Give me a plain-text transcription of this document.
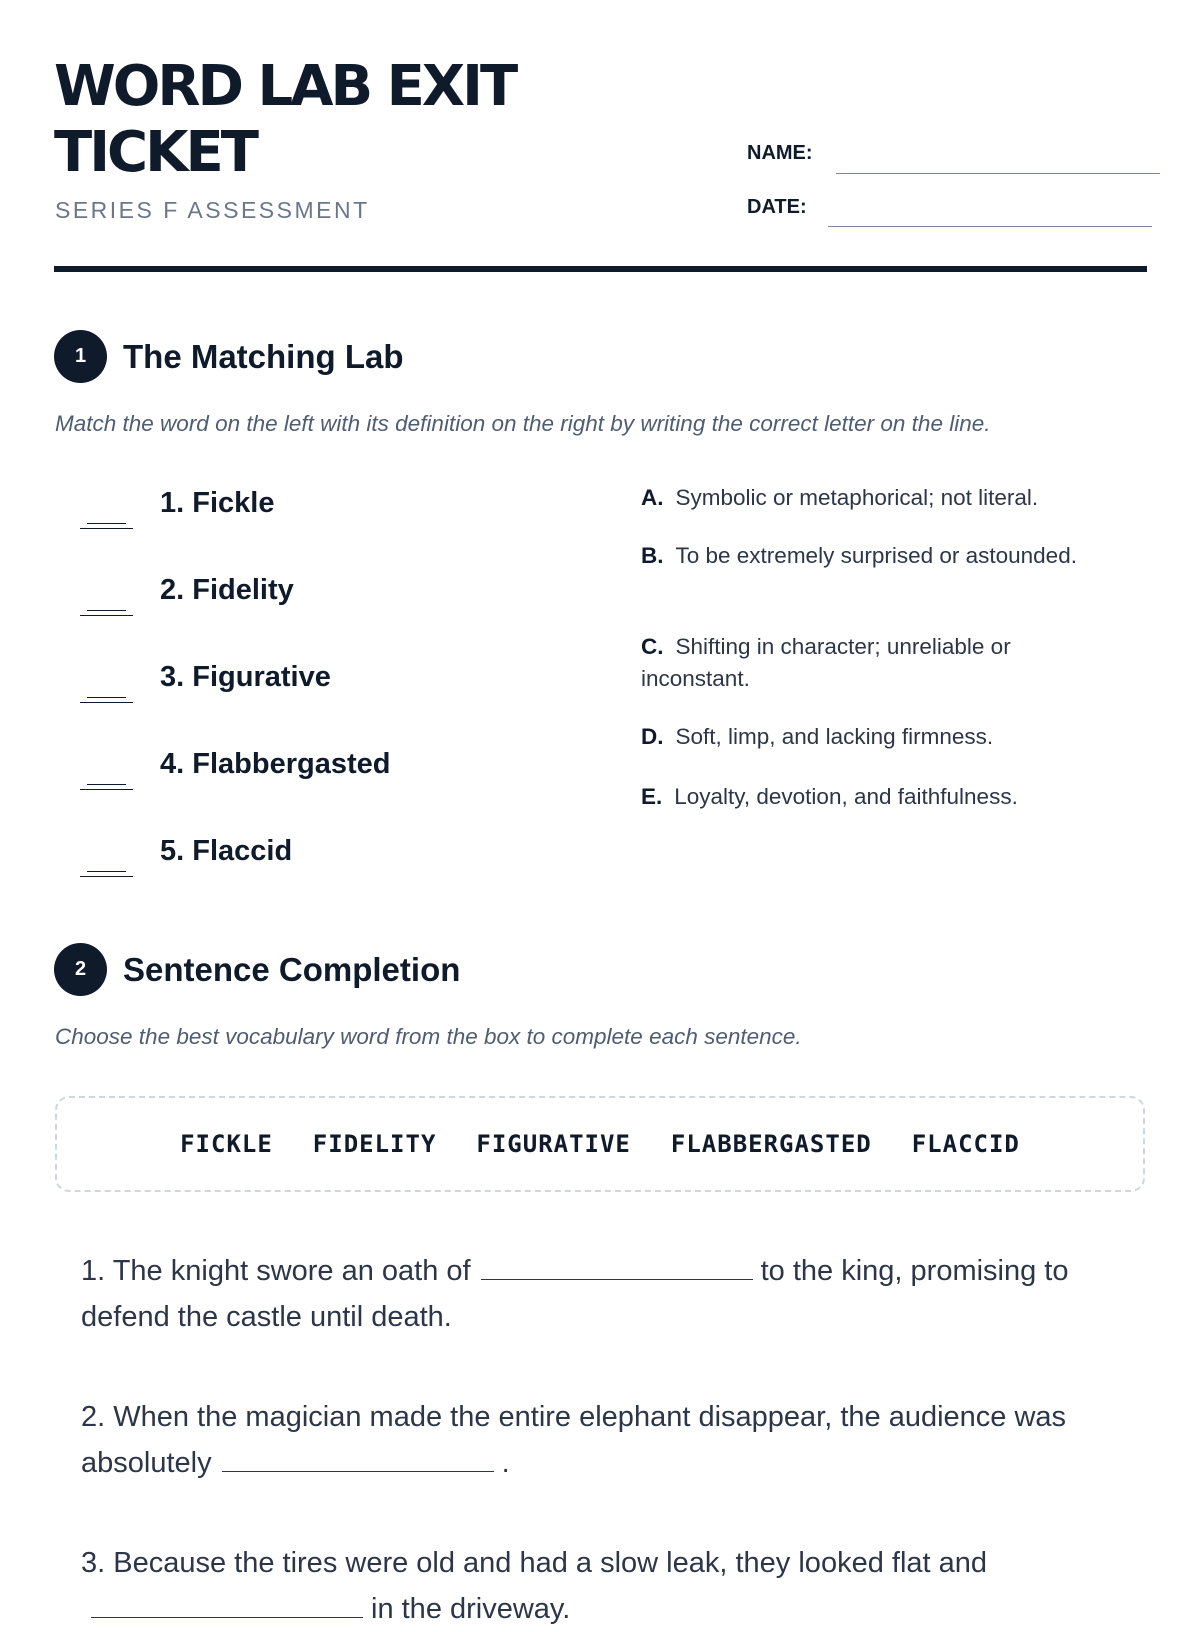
WORD LAB EXIT TICKET
SERIES F ASSESSMENT
NAME:
DATE:
1	The Matching Lab
Match the word on the left with its definition on the right by writing the correct letter on the line.
1. Fickle
2. Fidelity
3. Figurative
4. Flabbergasted
5. Flaccid
A. Symbolic or metaphorical; not literal.
B. To be extremely surprised or astounded.
C. Shifting in character; unreliable or inconstant.
D. Soft, limp, and lacking firmness.
E. Loyalty, devotion, and faithfulness.
2	Sentence Completion
Choose the best vocabulary word from the box to complete each sentence.
FICKLE FIDELITY FIGURATIVE FLABBERGASTED FLACCID
1. The knight swore an oath of	to the king, promising to defend the castle until death.
2. When the magician made the entire elephant disappear, the audience was absolutely	.
3. Because the tires were old and had a slow leak, they looked flat andin the driveway.
